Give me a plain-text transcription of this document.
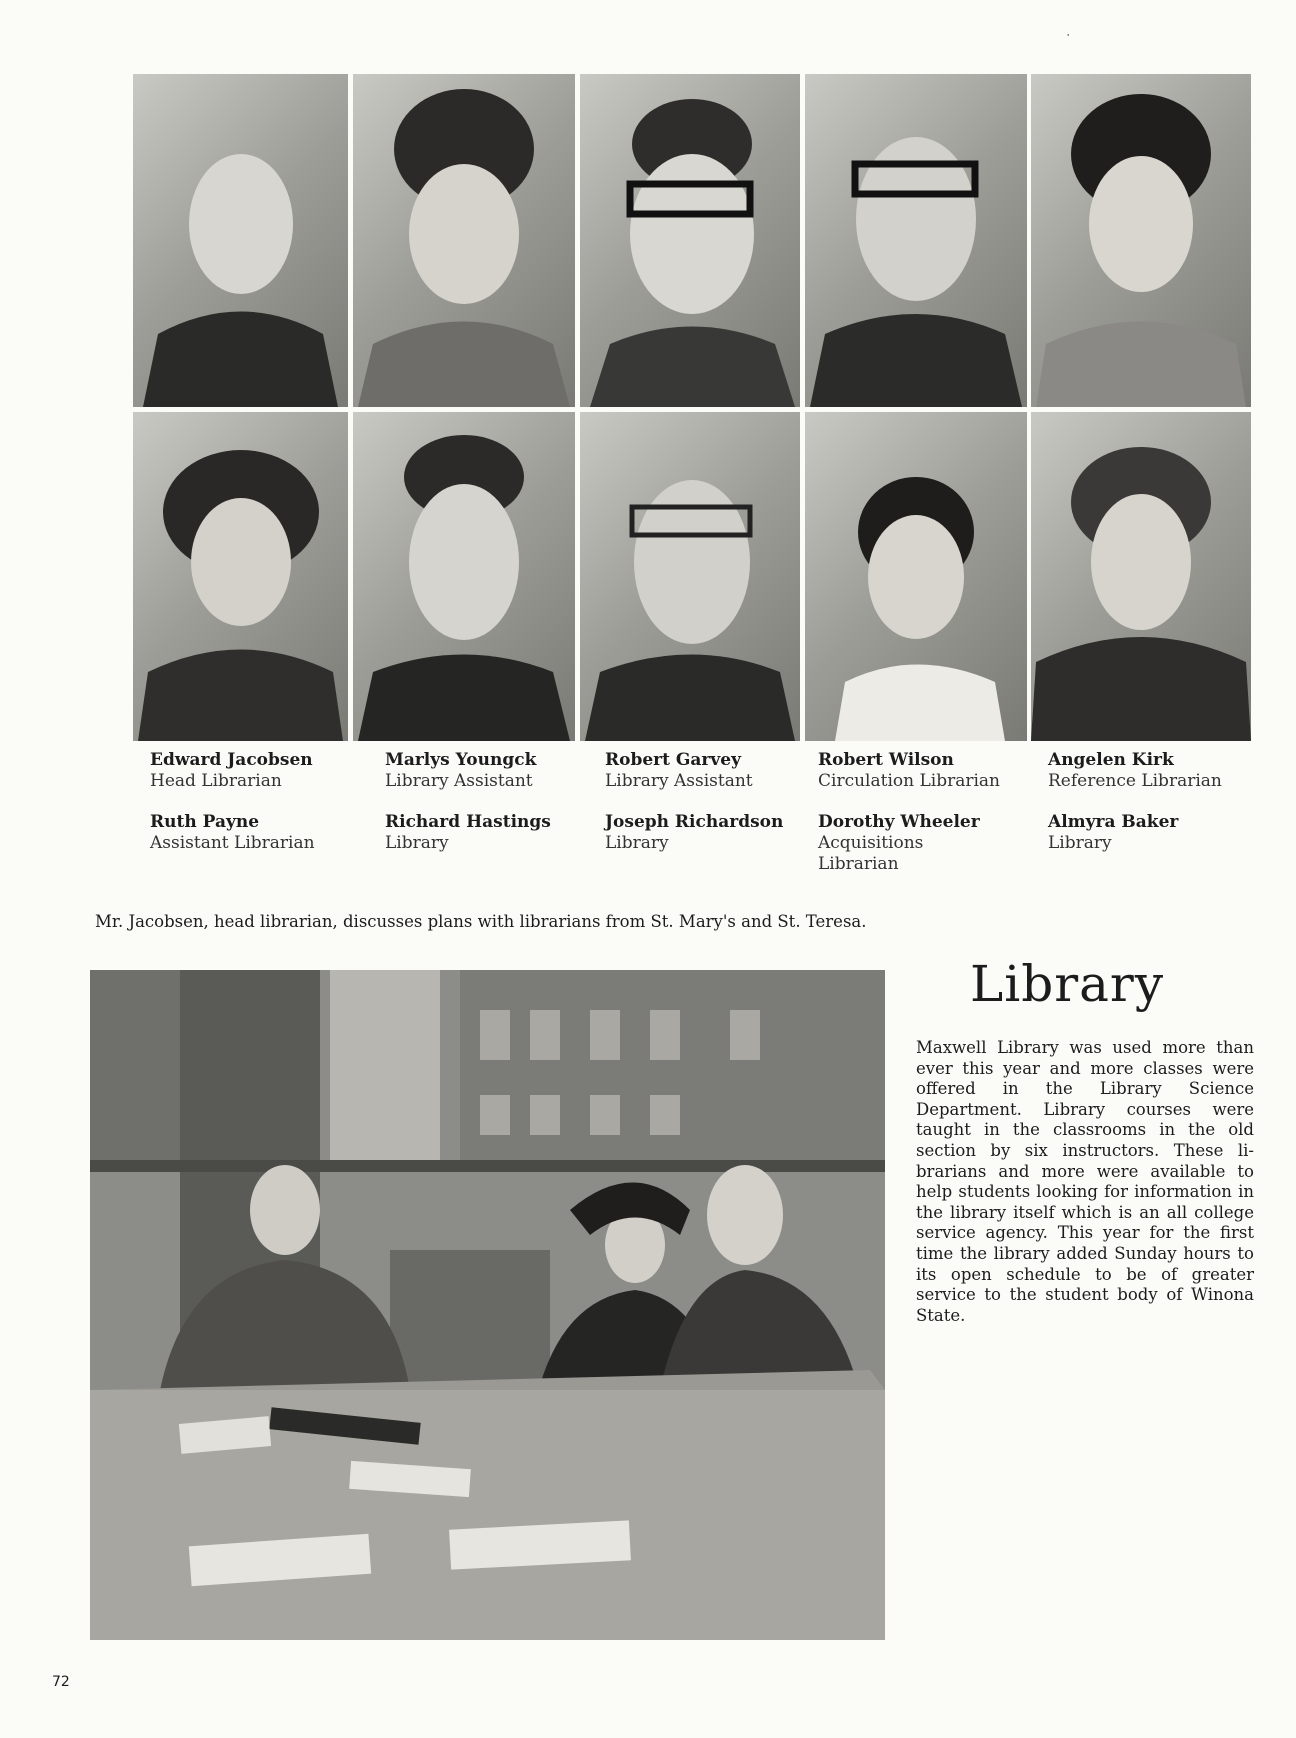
‧
Edward Jacobsen
Head Librarian
Ruth Payne
Assistant Librarian
Marlys Youngck
Library Assistant
Richard Hastings
Library
Robert Garvey
Library Assistant
Joseph Richardson
Library
Robert Wilson
Circulation Librarian
Dorothy Wheeler
Acquisitions
Librarian
Angelen Kirk
Reference Librarian
Almyra Baker
Library
Mr. Jacobsen, head librarian, discusses plans with librarians from St. Mary's and St. Teresa.
Library
Maxwell Library was used more than ever this year and more classes were offered in the Library Science Department. Library courses were taught in the classrooms in the old section by six instructors. These librarians and more were available to help students looking for information in the library itself which is an all college service agency. This year for the first time the library added Sunday hours to its open schedule to be of greater service to the student body of Winona State.
72
